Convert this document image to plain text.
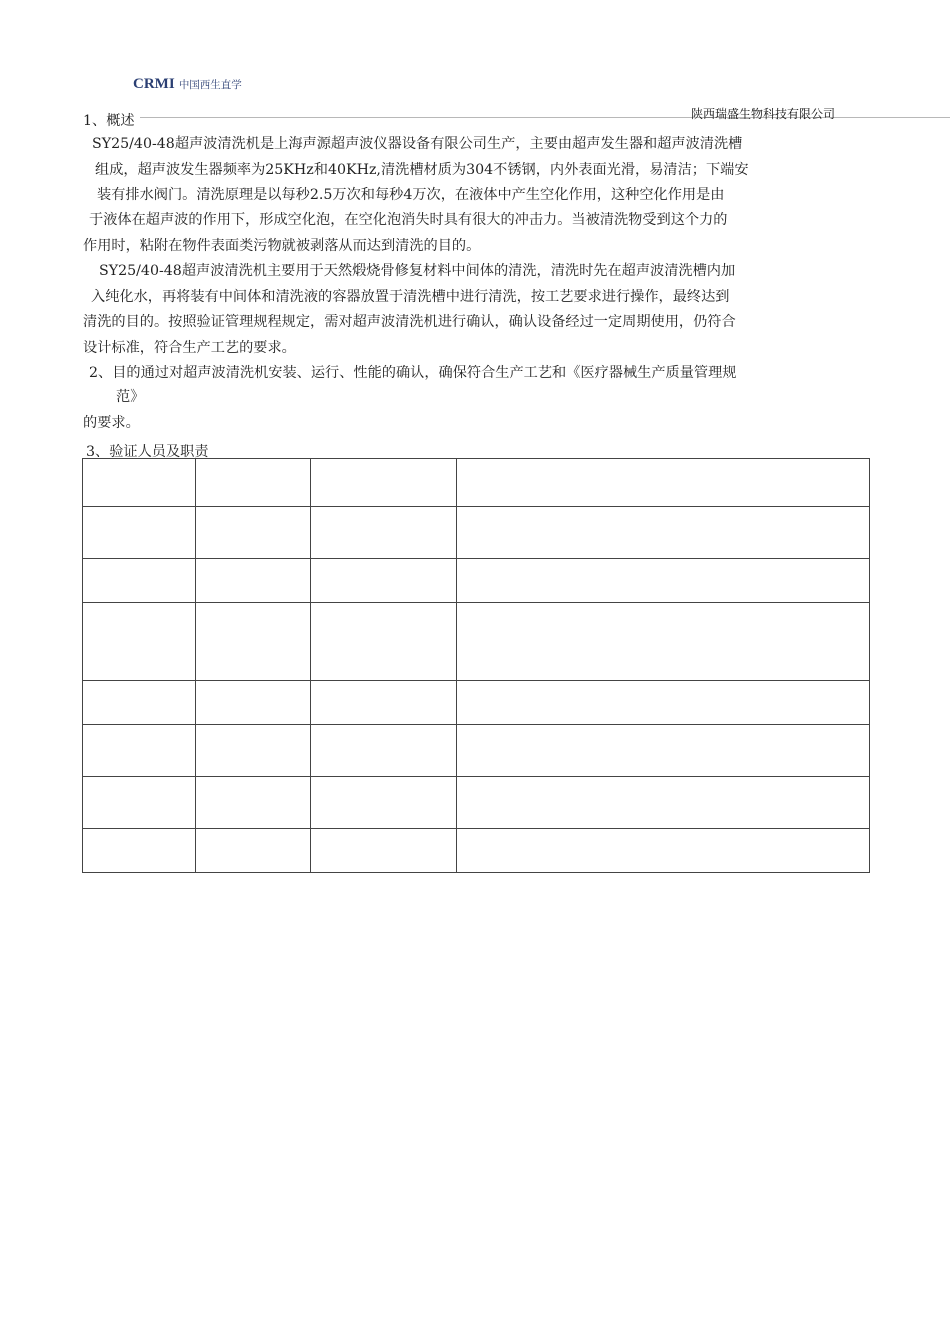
CRMI 中国西生直学
陕西瑞盛生物科技有限公司
1、概述
SY25/40-48超声波清洗机是上海声源超声波仪器设备有限公司生产，主要由超声发生器和超声波清洗槽
组成，超声波发生器频率为25KHz和40KHz,清洗槽材质为304不锈钢，内外表面光滑，易清洁；下端安
装有排水阀门。清洗原理是以每秒2.5万次和每秒4万次，在液体中产生空化作用，这种空化作用是由
于液体在超声波的作用下，形成空化泡，在空化泡消失时具有很大的冲击力。当被清洗物受到这个力的
作用时，粘附在物件表面类污物就被剥落从而达到清洗的目的。
SY25/40-48超声波清洗机主要用于天然煅烧骨修复材料中间体的清洗，清洗时先在超声波清洗槽内加
入纯化水，再将装有中间体和清洗液的容器放置于清洗槽中进行清洗，按工艺要求进行操作，最终达到
清洗的目的。按照验证管理规程规定，需对超声波清洗机进行确认，确认设备经过一定周期使用，仍符合
设计标准，符合生产工艺的要求。
2、目的通过对超声波清洗机安装、运行、性能的确认，确保符合生产工艺和《医疗器械生产质量管理规
范》
的要求。
3、验证人员及职责
